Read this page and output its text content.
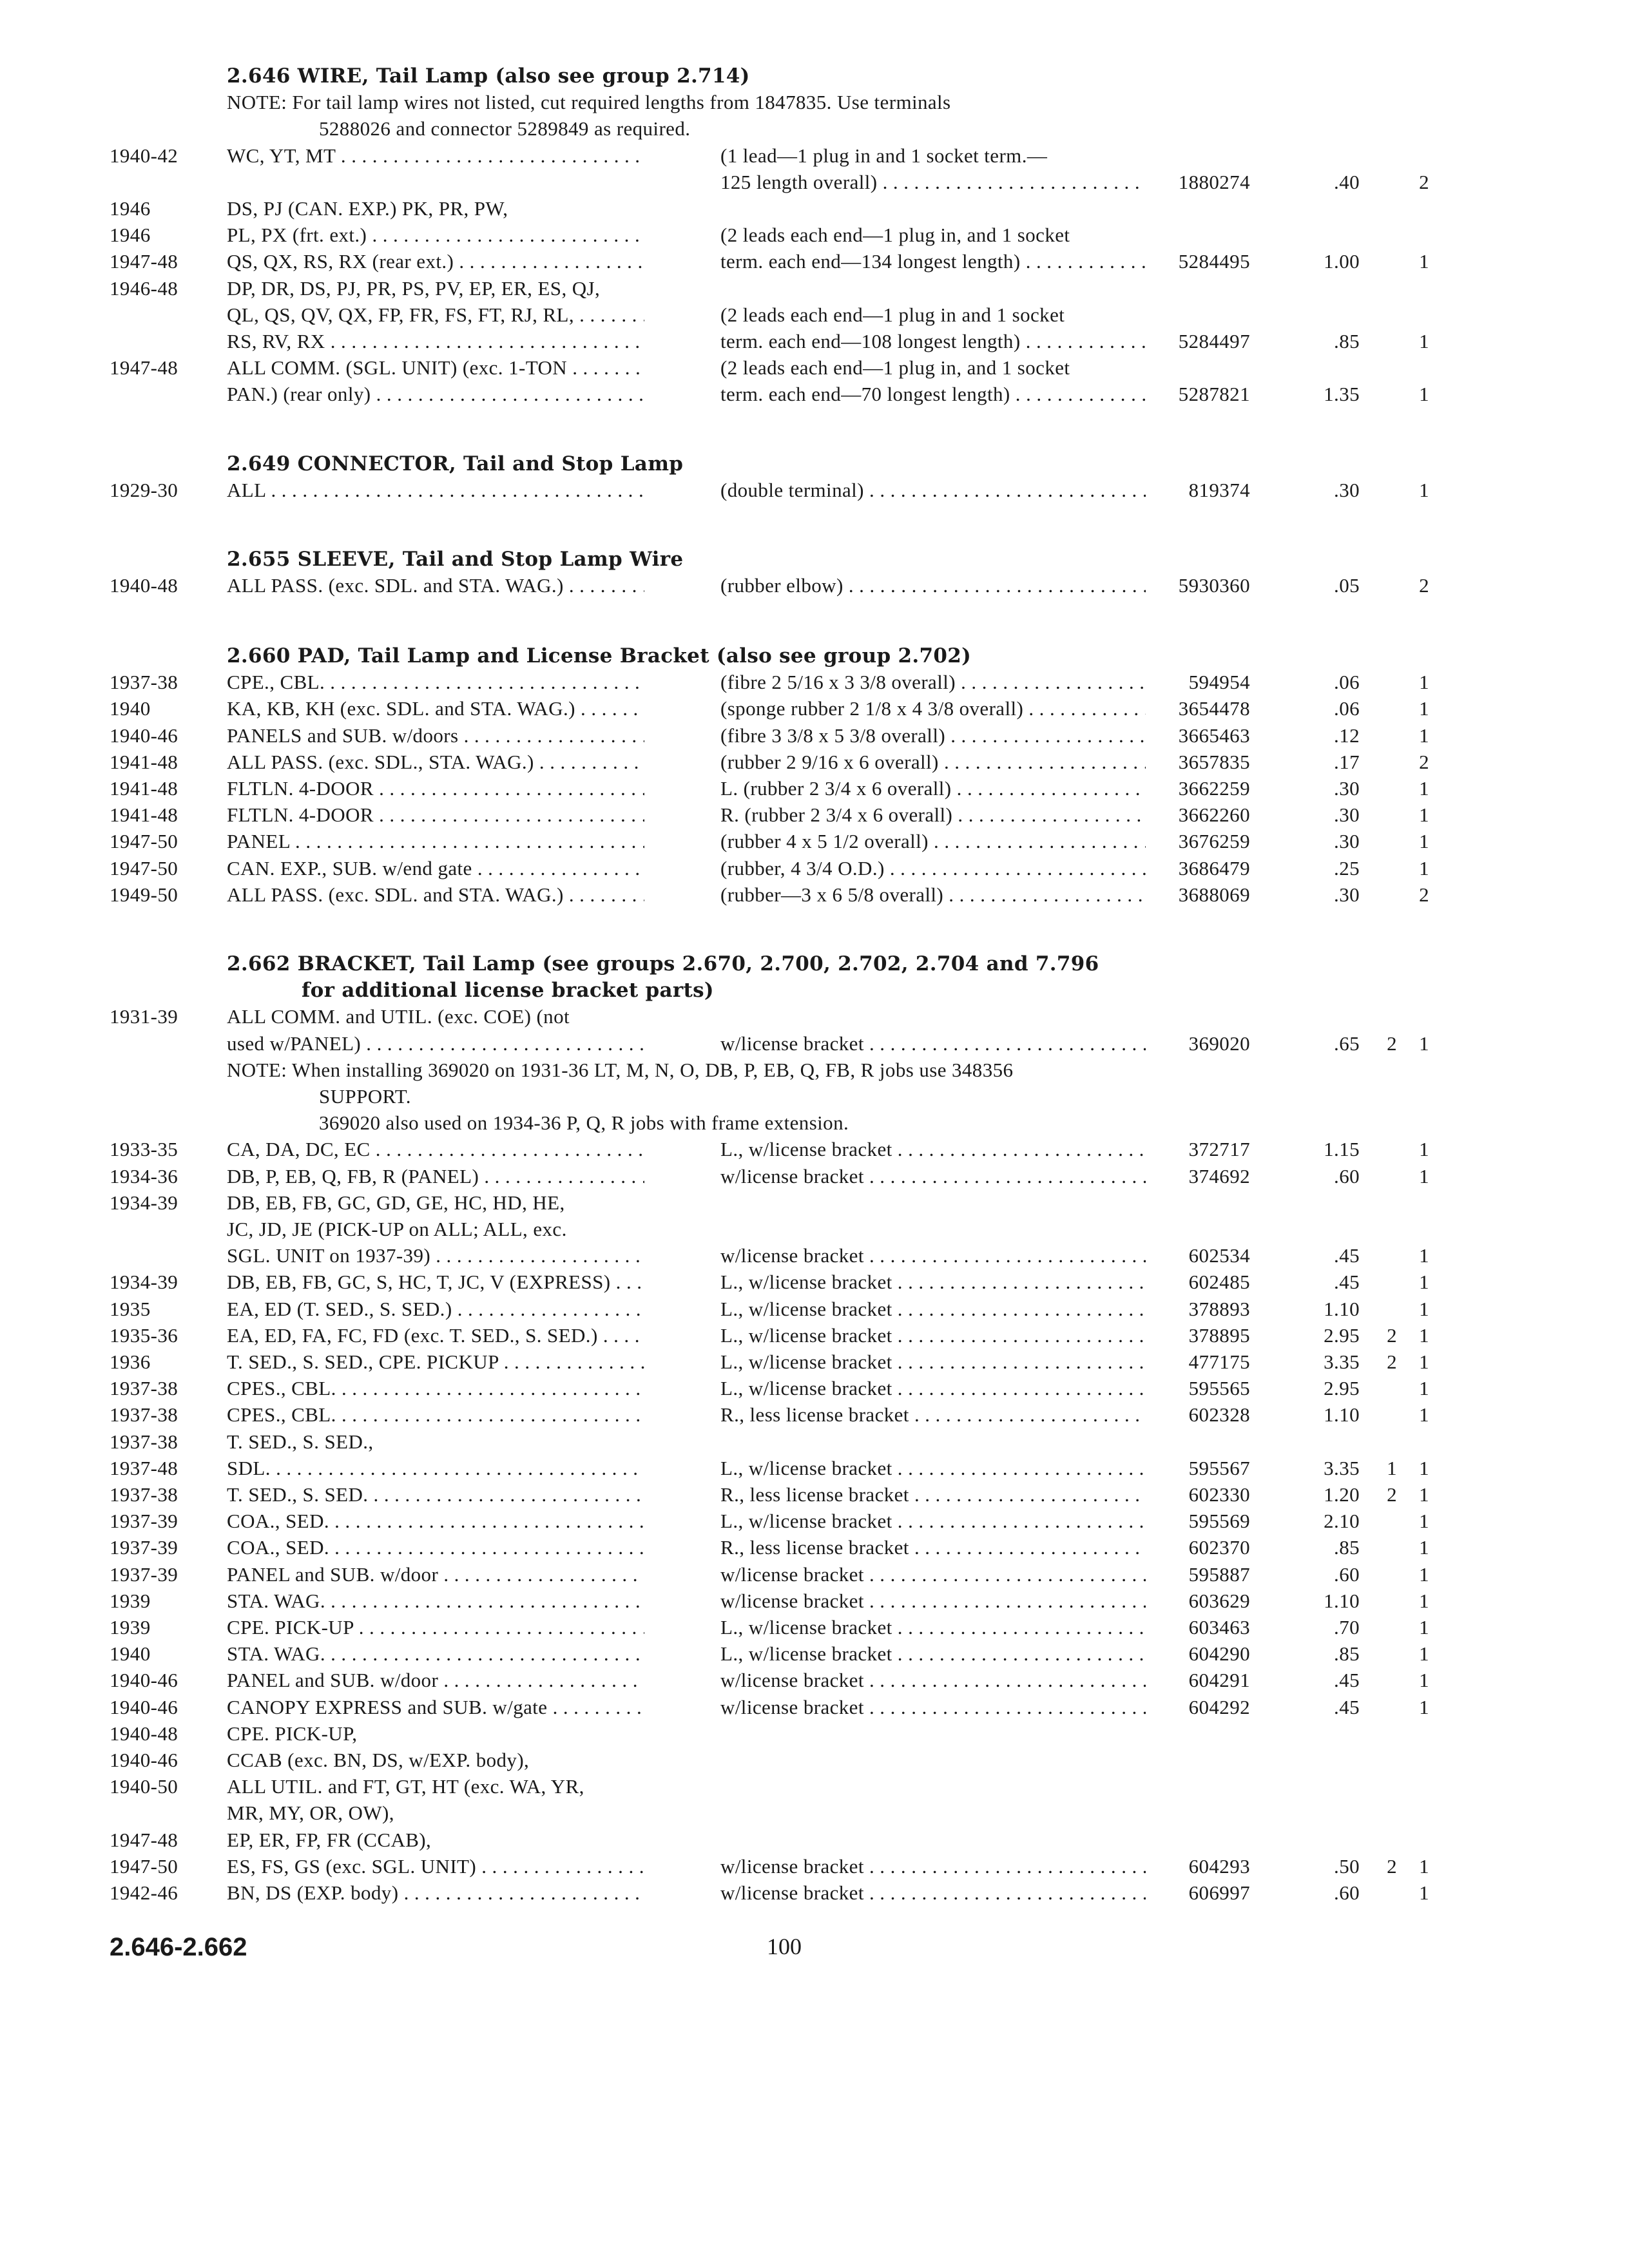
2.646 WIRE, Tail Lamp (also see group 2.714)
NOTE: For tail lamp wires not listed, cut required lengths from 1847835. Use terminals
5288026 and connector 5289849 as required.
1940-42	WC, YT, MT . . .	(1 lead—1 plug in and 1 socket term.—
125 length overall) . . .	1880274	.40	2
1946	DS, PJ (CAN. EXP.) PK, PR, PW,
1946	PL, PX (frt. ext.) . . .	(2 leads each end—1 plug in, and 1 socket
1947-48	QS, QX, RS, RX (rear ext.) . . .	term. each end—134 longest length) . . .	5284495	1.00	1
1946-48	DP, DR, DS, PJ, PR, PS, PV, EP, ER, ES, QJ,
QL, QS, QV, QX, FP, FR, FS, FT, RJ, RL, . . .	(2 leads each end—1 plug in and 1 socket
RS, RV, RX . . .	term. each end—108 longest length) . . .	5284497	.85	1
1947-48	ALL COMM. (SGL. UNIT) (exc. 1-TON . . .	(2 leads each end—1 plug in, and 1 socket
PAN.) (rear only) . . .	term. each end—70 longest length) . . .	5287821	1.35	1
2.649 CONNECTOR, Tail and Stop Lamp
1929-30	ALL . . .	(double terminal) . . .	819374	.30	1
2.655 SLEEVE, Tail and Stop Lamp Wire
1940-48	ALL PASS. (exc. SDL. and STA. WAG.) . . .	(rubber elbow) . . .	5930360	.05	2
2.660 PAD, Tail Lamp and License Bracket (also see group 2.702)
1937-38	CPE., CBL. . . .	(fibre 2 5/16 x 3 3/8 overall) . . .	594954	.06	1
1940	KA, KB, KH (exc. SDL. and STA. WAG.) . . .	(sponge rubber 2 1/8 x 4 3/8 overall) . . .	3654478	.06	1
1940-46	PANELS and SUB. w/doors . . .	(fibre 3 3/8 x 5 3/8 overall) . . .	3665463	.12	1
1941-48	ALL PASS. (exc. SDL., STA. WAG.) . . .	(rubber 2 9/16 x 6 overall) . . .	3657835	.17	2
1941-48	FLTLN. 4-DOOR . . .	L. (rubber 2 3/4 x 6 overall) . . .	3662259	.30	1
1941-48	FLTLN. 4-DOOR . . .	R. (rubber 2 3/4 x 6 overall) . . .	3662260	.30	1
1947-50	PANEL . . .	(rubber 4 x 5 1/2 overall) . . .	3676259	.30	1
1947-50	CAN. EXP., SUB. w/end gate . . .	(rubber, 4 3/4 O.D.) . . .	3686479	.25	1
1949-50	ALL PASS. (exc. SDL. and STA. WAG.) . . .	(rubber—3 x 6 5/8 overall) . . .	3688069	.30	2
2.662 BRACKET, Tail Lamp (see groups 2.670, 2.700, 2.702, 2.704 and 7.796
for additional license bracket parts)
1931-39	ALL COMM. and UTIL. (exc. COE) (not
used w/PANEL) . . .	w/license bracket . . .	369020	.65	2	1
NOTE: When installing 369020 on 1931-36 LT, M, N, O, DB, P, EB, Q, FB, R jobs use 348356
SUPPORT.
369020 also used on 1934-36 P, Q, R jobs with frame extension.
1933-35	CA, DA, DC, EC . . .	L., w/license bracket . . .	372717	1.15	1
1934-36	DB, P, EB, Q, FB, R (PANEL) . . .	w/license bracket . . .	374692	.60	1
1934-39	DB, EB, FB, GC, GD, GE, HC, HD, HE,
JC, JD, JE (PICK-UP on ALL; ALL, exc.
SGL. UNIT on 1937-39) . . .	w/license bracket . . .	602534	.45	1
1934-39	DB, EB, FB, GC, S, HC, T, JC, V (EXPRESS) . . .	L., w/license bracket . . .	602485	.45	1
1935	EA, ED (T. SED., S. SED.) . . .	L., w/license bracket . . .	378893	1.10	1
1935-36	EA, ED, FA, FC, FD (exc. T. SED., S. SED.) . . .	L., w/license bracket . . .	378895	2.95	2	1
1936	T. SED., S. SED., CPE. PICKUP . . .	L., w/license bracket . . .	477175	3.35	2	1
1937-38	CPES., CBL. . . .	L., w/license bracket . . .	595565	2.95	1
1937-38	CPES., CBL. . . .	R., less license bracket . . .	602328	1.10	1
1937-38	T. SED., S. SED.,
1937-48	SDL. . . .	L., w/license bracket . . .	595567	3.35	1	1
1937-38	T. SED., S. SED. . . .	R., less license bracket . . .	602330	1.20	2	1
1937-39	COA., SED. . . .	L., w/license bracket . . .	595569	2.10	1
1937-39	COA., SED. . . .	R., less license bracket . . .	602370	.85	1
1937-39	PANEL and SUB. w/door . . .	w/license bracket . . .	595887	.60	1
1939	STA. WAG. . . .	w/license bracket . . .	603629	1.10	1
1939	CPE. PICK-UP . . .	L., w/license bracket . . .	603463	.70	1
1940	STA. WAG. . . .	L., w/license bracket . . .	604290	.85	1
1940-46	PANEL and SUB. w/door . . .	w/license bracket . . .	604291	.45	1
1940-46	CANOPY EXPRESS and SUB. w/gate . . .	w/license bracket . . .	604292	.45	1
1940-48	CPE. PICK-UP,
1940-46	CCAB (exc. BN, DS, w/EXP. body),
1940-50	ALL UTIL. and FT, GT, HT (exc. WA, YR,
MR, MY, OR, OW),
1947-48	EP, ER, FP, FR (CCAB),
1947-50	ES, FS, GS (exc. SGL. UNIT) . . .	w/license bracket . . .	604293	.50	2	1
1942-46	BN, DS (EXP. body) . . .	w/license bracket . . .	606997	.60	1
2.646-2.662	100
